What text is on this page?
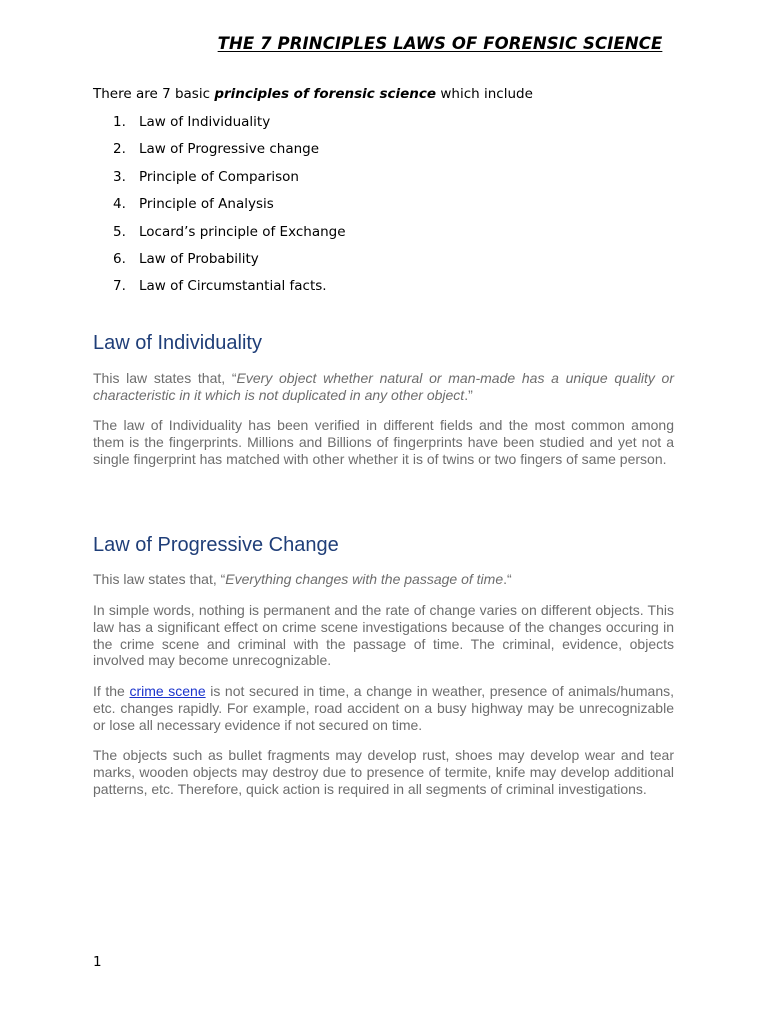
THE 7 PRINCIPLES LAWS OF FORENSIC SCIENCE
There are 7 basic principles of forensic science which include
1. Law of Individuality
2. Law of Progressive change
3. Principle of Comparison
4. Principle of Analysis
5. Locard’s principle of Exchange
6. Law of Probability
7. Law of Circumstantial facts.
Law of Individuality

This law states that, “Every object whether natural or man-made has a unique quality or characteristic in it which is not duplicated in any other object.”

The law of Individuality has been verified in different fields and the most common among them is the fingerprints. Millions and Billions of fingerprints have been studied and yet not a single fingerprint has matched with other whether it is of twins or two fingers of same person.

Law of Progressive Change

This law states that, “Everything changes with the passage of time.“

In simple words, nothing is permanent and the rate of change varies on different objects. This law has a significant effect on crime scene investigations because of the changes occuring in the crime scene and criminal with the passage of time. The criminal, evidence, objects involved may become unrecognizable.

If the crime scene is not secured in time, a change in weather, presence of animals/humans, etc. changes rapidly. For example, road accident on a busy highway may be unrecognizable or lose all necessary evidence if not secured on time.

The objects such as bullet fragments may develop rust, shoes may develop wear and tear marks, wooden objects may destroy due to presence of termite, knife may develop additional patterns, etc. Therefore, quick action is required in all segments of criminal investigations.

1
